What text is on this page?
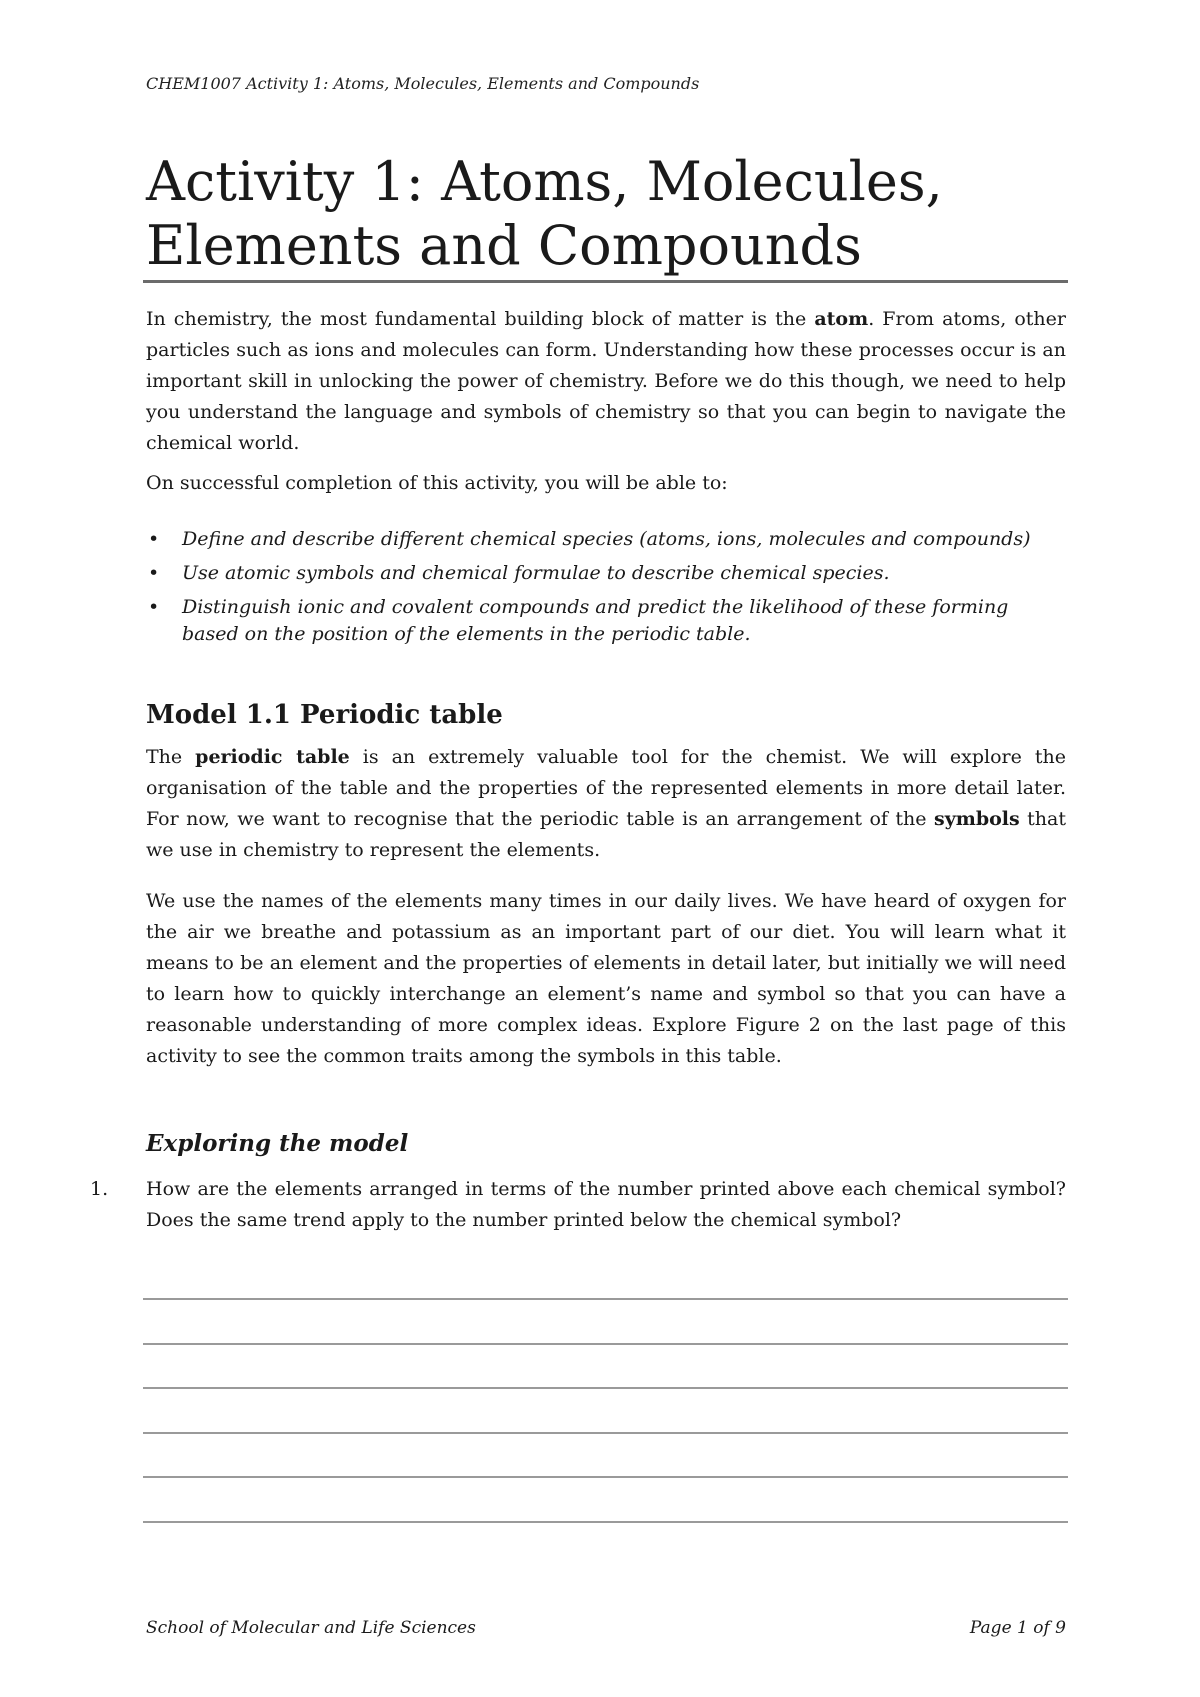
CHEM1007 Activity 1: Atoms, Molecules, Elements and Compounds
Activity 1: Atoms, Molecules,
Elements and Compounds

In chemistry, the most fundamental building block of matter is the atom. From atoms, other particles such as ions and molecules can form. Understanding how these processes occur is an important skill in unlocking the power of chemistry. Before we do this though, we need to help you understand the language and symbols of chemistry so that you can begin to navigate the chemical world.

On successful completion of this activity, you will be able to:

• Define and describe different chemical species (atoms, ions, molecules and compounds)
• Use atomic symbols and chemical formulae to describe chemical species.
• Distinguish ionic and covalent compounds and predict the likelihood of these forming based on the position of the elements in the periodic table.
Model 1.1 Periodic table

The periodic table is an extremely valuable tool for the chemist. We will explore the organisation of the table and the properties of the represented elements in more detail later. For now, we want to recognise that the periodic table is an arrangement of the symbols that we use in chemistry to represent the elements.

We use the names of the elements many times in our daily lives. We have heard of oxygen for the air we breathe and potassium as an important part of our diet. You will learn what it means to be an element and the properties of elements in detail later, but initially we will need to learn how to quickly interchange an element’s name and symbol so that you can have a reasonable understanding of more complex ideas. Explore Figure 2 on the last page of this activity to see the common traits among the symbols in this table.

Exploring the model
1. How are the elements arranged in terms of the number printed above each chemical symbol? Does the same trend apply to the number printed below the chemical symbol?
School of Molecular and Life Sciences	Page 1 of 9
